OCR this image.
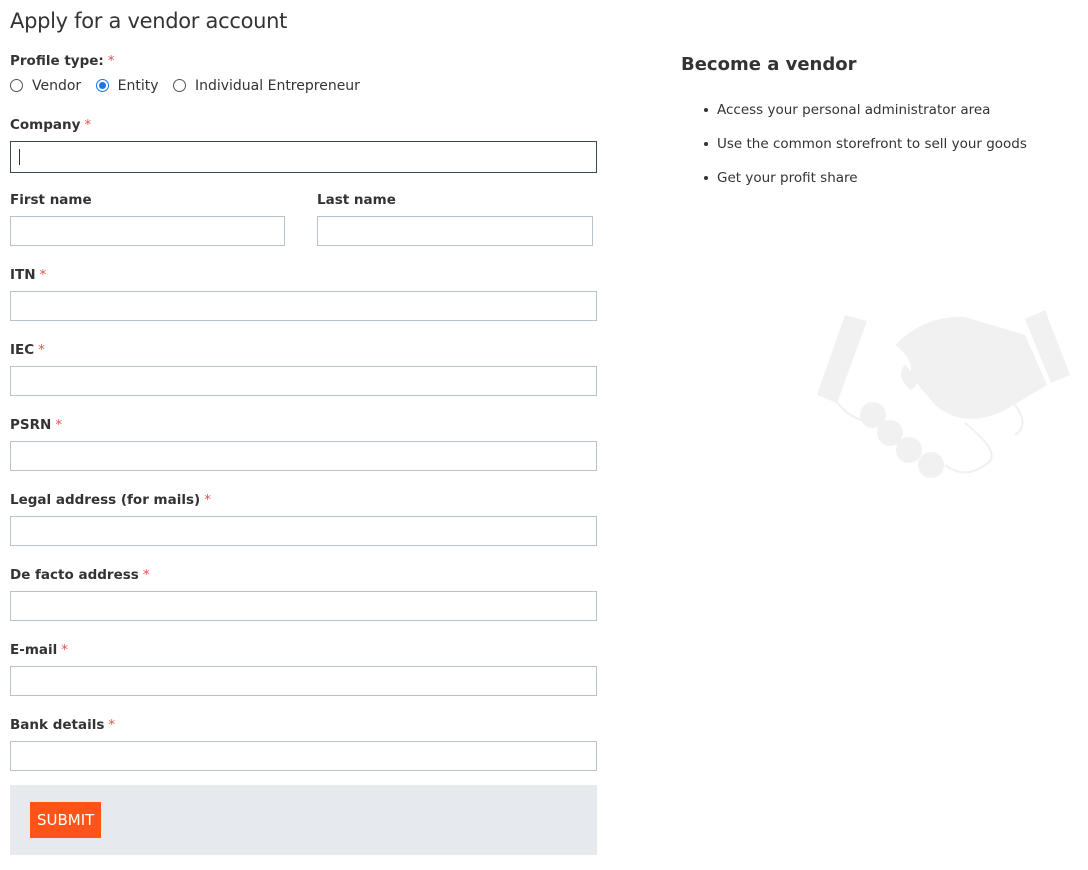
Apply for a vendor account
Profile type: *
Vendor
	Entity
	Individual Entrepreneur
Company *
First name	Last name
ITN *
IEC *
PSRN *
Legal address (for mails) *
De facto address *
E-mail *
Bank details *
SUBMIT
Become a vendor
Access your personal administrator area
Use the common storefront to sell your goods
Get your profit share
